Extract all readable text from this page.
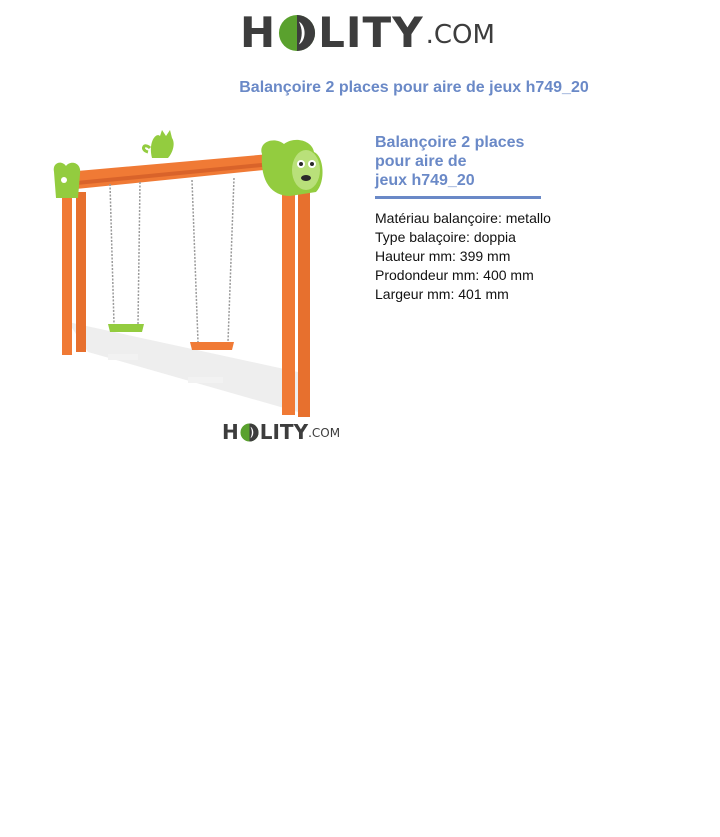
H LITY .COM
Balançoire 2 places pour aire de jeux h749_20
Balançoire 2 places
pour aire de
jeux h749_20
Matériau balançoire: metallo
Type balaçoire: doppia
Hauteur mm: 399 mm
Prodondeur mm: 400 mm
Largeur mm: 401 mm
H LITY .COM
